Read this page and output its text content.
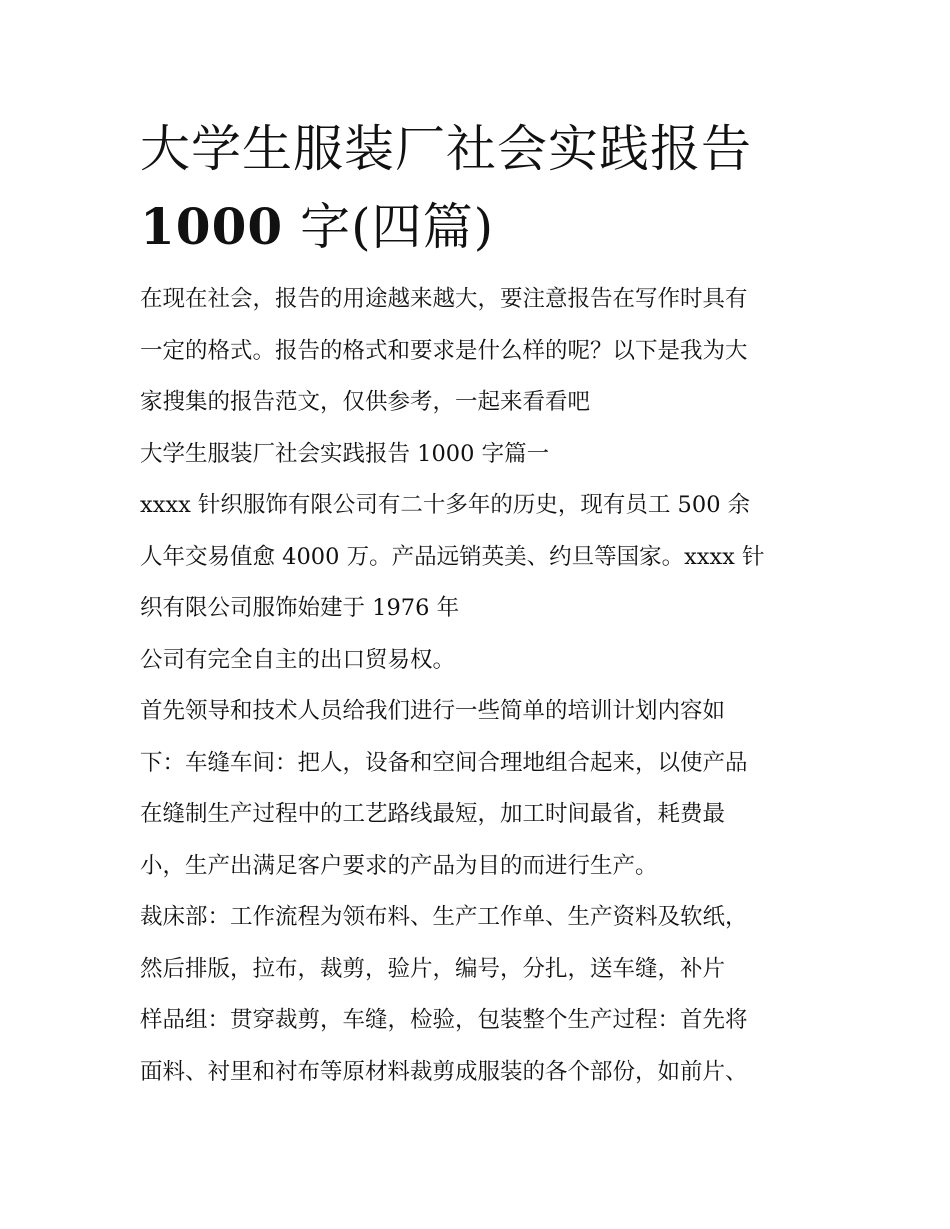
大学生服装厂社会实践报告
1000 字(四篇)

在现在社会，报告的用途越来越大，要注意报告在写作时具有
一定的格式。报告的格式和要求是什么样的呢？以下是我为大
家搜集的报告范文，仅供参考，一起来看看吧

大学生服装厂社会实践报告 1000 字篇一

xxxx 针织服饰有限公司有二十多年的历史，现有员工 500 余
人年交易值愈 4000 万。产品远销英美、约旦等国家。xxxx 针
织有限公司服饰始建于 1976 年

公司有完全自主的出口贸易权。

首先领导和技术人员给我们进行一些简单的培训计划内容如
下：车缝车间：把人，设备和空间合理地组合起来，以使产品
在缝制生产过程中的工艺路线最短，加工时间最省，耗费最
小，生产出满足客户要求的产品为目的而进行生产。

裁床部：工作流程为领布料、生产工作单、生产资料及软纸，
然后排版，拉布，裁剪，验片，编号，分扎，送车缝，补片

样品组：贯穿裁剪，车缝，检验，包装整个生产过程：首先将
面料、衬里和衬布等原材料裁剪成服装的各个部份，如前片、
